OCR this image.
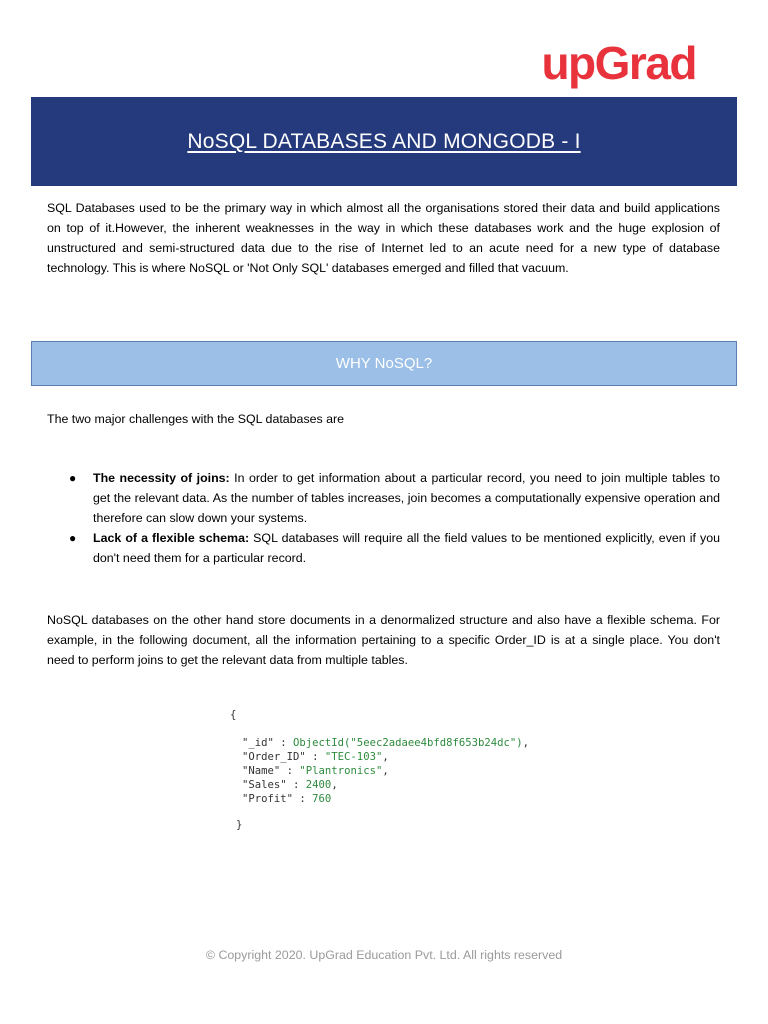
upGrad
NoSQL DATABASES AND MONGODB - I

SQL Databases used to be the primary way in which almost all the organisations stored their data and build applications on top of it.However, the inherent weaknesses in the way in which these databases work and the huge explosion of unstructured and semi-structured data due to the rise of Internet led to an acute need for a new type of database technology. This is where NoSQL or 'Not Only SQL' databases emerged and filled that vacuum.

WHY NoSQL?

The two major challenges with the SQL databases are

● The necessity of joins: In order to get information about a particular record, you need to join multiple tables to get the relevant data. As the number of tables increases, join becomes a computationally expensive operation and therefore can slow down your systems.
● Lack of a flexible schema: SQL databases will require all the field values to be mentioned explicitly, even if you don't need them for a particular record.

NoSQL databases on the other hand store documents in a denormalized structure and also have a flexible schema. For example, in the following document, all the information pertaining to a specific Order_ID is at a single place. You don't need to perform joins to get the relevant data from multiple tables.

{
"_id" : ObjectId("5eec2adaee4bfd8f653b24dc"),
"Order_ID" : "TEC-103",
"Name" : "Plantronics",
"Sales" : 2400,
"Profit" : 760
}
© Copyright 2020. UpGrad Education Pvt. Ltd. All rights reserved
